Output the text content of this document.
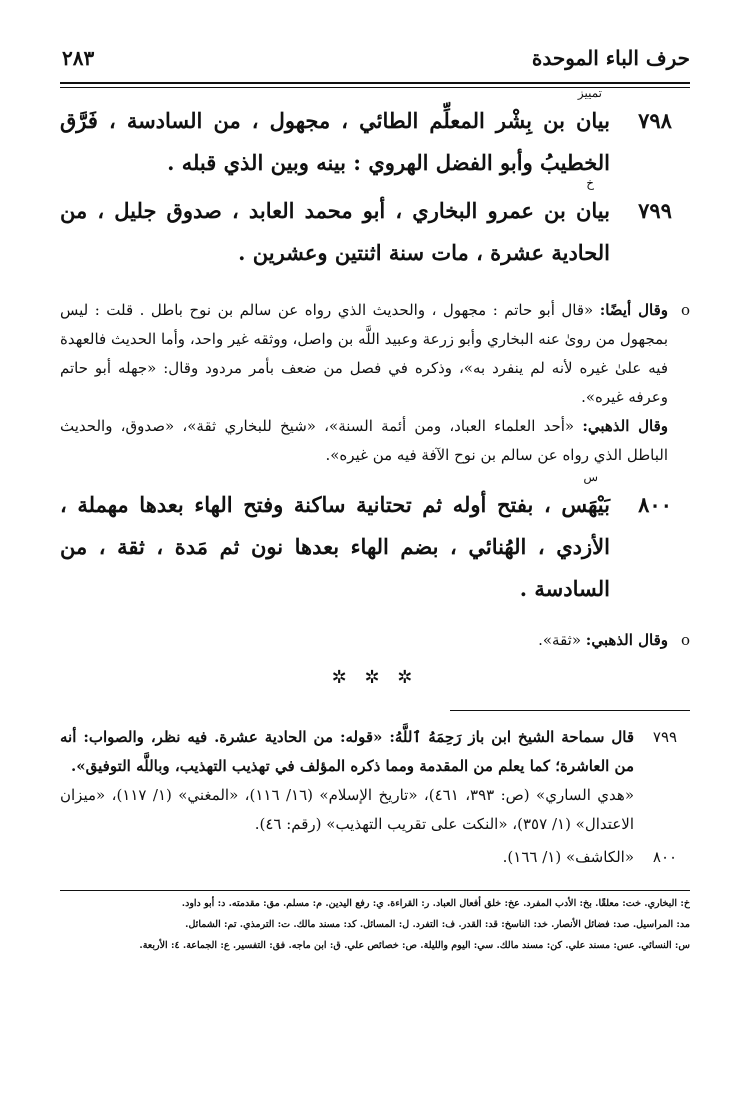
حرف الباء الموحدة
٢٨٣
٧٩٨
تمييز
بيان بن بِشْر المعلِّم الطائي ، مجهول ، من السادسة ، فَرَّق الخطيبُ وأبو الفضل الهروي : بينه وبين الذي قبله .
٧٩٩
خ
بيان بن عمرو البخاري ، أبو محمد العابد ، صدوق جليل ، من الحادية عشرة ، مات سنة اثنتين وعشرين .
o
وقال أيضًا: «قال أبو حاتم : مجهول ، والحديث الذي رواه عن سالم بن نوح باطل . قلت : ليس بمجهول من روىٰ عنه البخاري وأبو زرعة وعبيد اللَّه بن واصل، ووثقه غير واحد، وأما الحديث فالعهدة فيه علىٰ غيره لأنه لم ينفرد به»، وذكره في فصل من ضعف بأمر مردود وقال: «جهله أبو حاتم وعرفه غيره».
وقال الذهبي: «أحد العلماء العباد، ومن أئمة السنة»، «شيخ للبخاري ثقة»، «صدوق، والحديث الباطل الذي رواه عن سالم بن نوح الآفة فيه من غيره».
٨٠٠
س
بَيْهَس ، بفتح أوله ثم تحتانية ساكنة وفتح الهاء بعدها مهملة ، الأزدي ، الهُنائي ، بضم الهاء بعدها نون ثم مَدة ، ثقة ، من السادسة .
o
وقال الذهبي: «ثقة».
✲ ✲ ✲
٧٩٩
قال سماحة الشيخ ابن باز رَحِمَهُ ٱللَّهُ: «قوله: من الحادية عشرة. فيه نظر، والصواب: أنه من العاشرة؛ كما يعلم من المقدمة ومما ذكره المؤلف في تهذيب التهذيب، وباللَّه التوفيق».
«هدي الساري» (ص: ٣٩٣، ٤٦١)، «تاريخ الإسلام» (١٦/ ١١٦)، «المغني» (١/ ١١٧)، «ميزان الاعتدال» (١/ ٣٥٧)، «النكت على تقريب التهذيب» (رقم: ٤٦).
٨٠٠
«الكاشف» (١/ ١٦٦).
خ: البخاري. خت: معلقًا. بخ: الأدب المفرد. عخ: خلق أفعال العباد. ر: القراءة. ي: رفع اليدين. م: مسلم. مق: مقدمته. د: أبو داود.
مد: المراسيل. صد: فضائل الأنصار. خد: الناسخ: قد: القدر. ف: التفرد. ل: المسائل. كد: مسند مالك. ت: الترمذي. تم: الشمائل.
س: النسائي. عس: مسند علي. كن: مسند مالك. سي: اليوم والليلة. ص: خصائص علي. ق: ابن ماجه. فق: التفسير. ع: الجماعة. ٤: الأربعة.
